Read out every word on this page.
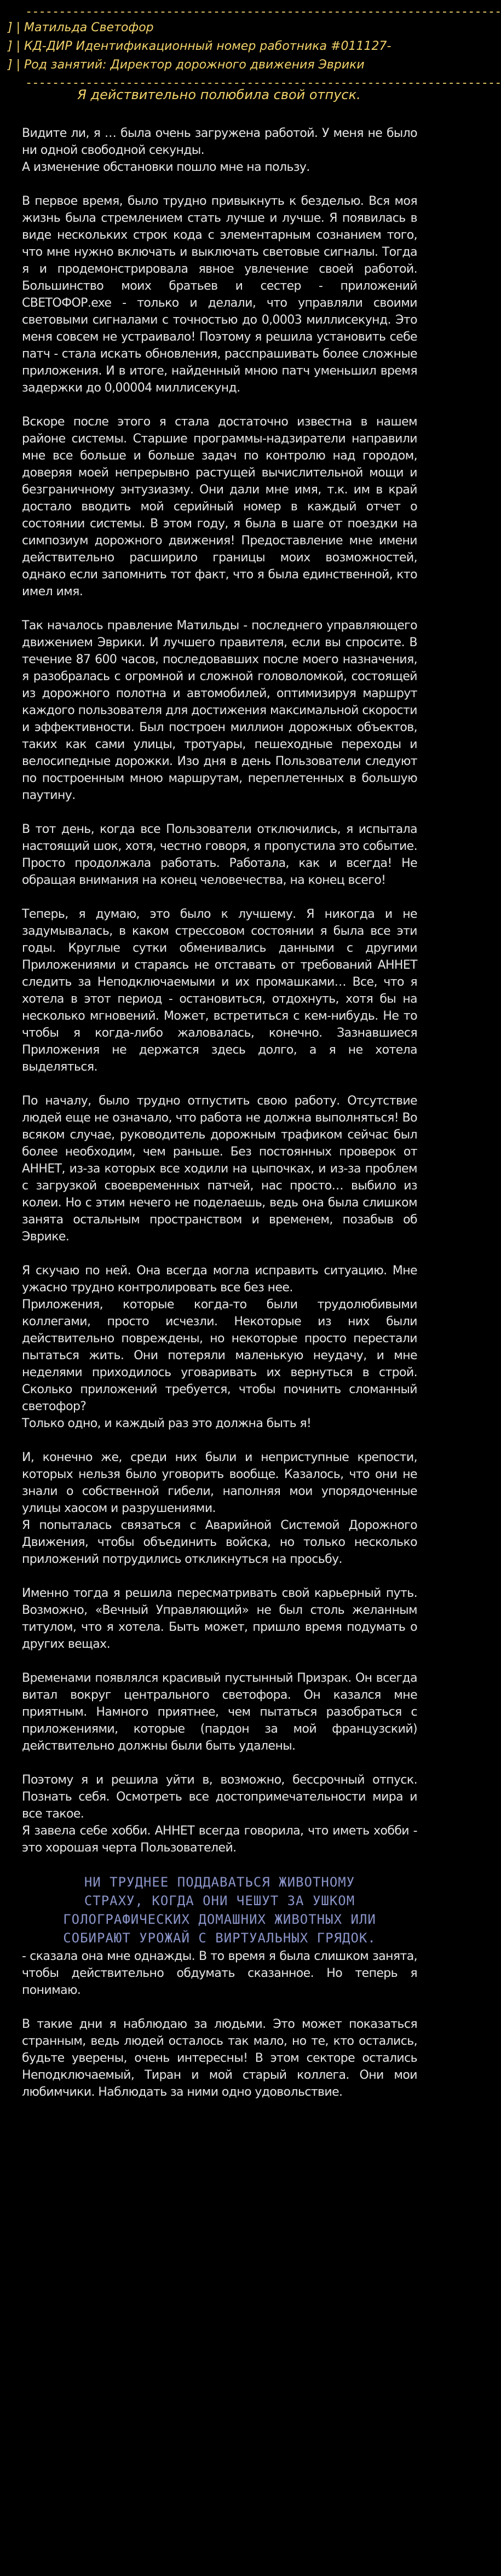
-----------------------------------------------------------------------
] | Матильда Светофор
] | КД-ДИР Идентификационный номер работника #011127-
] | Род занятий: Директор дорожного движения Эврики
-----------------------------------------------------------------------
Я действительно полюбила свой отпуск.

Видите ли, я … была очень загружена работой. У меня не было ни одной свободной секунды.
А изменение обстановки пошло мне на пользу.

В первое время, было трудно привыкнуть к безделью. Вся моя жизнь была стремлением стать лучше и лучше. Я появилась в виде нескольких строк кода с элементарным сознанием того, что мне нужно включать и выключать световые сигналы. Тогда я и продемонстрировала явное увлечение своей работой. Большинство моих братьев и сестер - приложений СВЕТОФОР.exe - только и делали, что управляли своими световыми сигналами с точностью до 0,0003 миллисекунд. Это меня совсем не устраивало! Поэтому я решила установить себе патч - стала искать обновления, расспрашивать более сложные приложения. И в итоге, найденный мною патч уменьшил время задержки до 0,00004 миллисекунд.

Вскоре после этого я стала достаточно известна в нашем районе системы. Старшие программы-надзиратели направили мне все больше и больше задач по контролю над городом, доверяя моей непрерывно растущей вычислительной мощи и безграничному энтузиазму. Они дали мне имя, т.к. им в край достало вводить мой серийный номер в каждый отчет о состоянии системы. В этом году, я была в шаге от поездки на симпозиум дорожного движения! Предоставление мне имени действительно расширило границы моих возможностей, однако если запомнить тот факт, что я была единственной, кто имел имя.

Так началось правление Матильды - последнего управляющего движением Эврики. И лучшего правителя, если вы спросите. В течение 87 600 часов, последовавших после моего назначения, я разобралась с огромной и сложной головоломкой, состоящей из дорожного полотна и автомобилей, оптимизируя маршрут каждого пользователя для достижения максимальной скорости и эффективности. Был построен миллион дорожных объектов, таких как сами улицы, тротуары, пешеходные переходы и велосипедные дорожки. Изо дня в день Пользователи следуют по построенным мною маршрутам, переплетенных в большую паутину.

В тот день, когда все Пользователи отключились, я испытала настоящий шок, хотя, честно говоря, я пропустила это событие. Просто продолжала работать. Работала, как и всегда! Не обращая внимания на конец человечества, на конец всего!

Теперь, я думаю, это было к лучшему. Я никогда и не задумывалась, в каком стрессовом состоянии я была все эти годы. Круглые сутки обменивались данными с другими Приложениями и стараясь не отставать от требований АННЕТ следить за Неподключаемыми и их промашками… Все, что я хотела в этот период - остановиться, отдохнуть, хотя бы на несколько мгновений. Может, встретиться с кем-нибудь. Не то чтобы я когда-либо жаловалась, конечно. Зазнавшиеся Приложения не держатся здесь долго, а я не хотела выделяться.

По началу, было трудно отпустить свою работу. Отсутствие людей еще не означало, что работа не должна выполняться! Во всяком случае, руководитель дорожным трафиком сейчас был более необходим, чем раньше. Без постоянных проверок от АННЕТ, из-за которых все ходили на цыпочках, и из-за проблем с загрузкой своевременных патчей, нас просто… выбило из колеи. Но с этим нечего не поделаешь, ведь она была слишком занята остальным пространством и временем, позабыв об Эврике.

Я скучаю по ней. Она всегда могла исправить ситуацию. Мне ужасно трудно контролировать все без нее.
Приложения, которые когда-то были трудолюбивыми коллегами, просто исчезли. Некоторые из них были действительно повреждены, но некоторые просто перестали пытаться жить. Они потеряли маленькую неудачу, и мне неделями приходилось уговаривать их вернуться в строй. Сколько приложений требуется, чтобы починить сломанный светофор?
Только одно, и каждый раз это должна быть я!

И, конечно же, среди них были и неприступные крепости, которых нельзя было уговорить вообще. Казалось, что они не знали о собственной гибели, наполняя мои упорядоченные улицы хаосом и разрушениями.
Я попыталась связаться с Аварийной Системой Дорожного Движения, чтобы объединить войска, но только несколько приложений потрудились откликнуться на просьбу.

Именно тогда я решила пересматривать свой карьерный путь. Возможно, «Вечный Управляющий» не был столь желанным титулом, что я хотела. Быть может, пришло время подумать о других вещах.

Временами появлялся красивый пустынный Призрак. Он всегда витал вокруг центрального светофора. Он казался мне приятным. Намного приятнее, чем пытаться разобраться с приложениями, которые (пардон за мой французский) действительно должны были быть удалены.

Поэтому я и решила уйти в, возможно, бессрочный отпуск. Познать себя. Осмотреть все достопримечательности мира и все такое.
Я завела себе хобби. АННЕТ всегда говорила, что иметь хобби - это хорошая черта Пользователей.

НИ ТРУДНЕЕ ПОДДАВАТЬСЯ ЖИВОТНОМУ
СТРАХУ, КОГДА ОНИ ЧЕШУТ ЗА УШКОМ
ГОЛОГРАФИЧЕСКИХ ДОМАШНИХ ЖИВОТНЫХ ИЛИ
СОБИРАЮТ УРОЖАЙ С ВИРТУАЛЬНЫХ ГРЯДОК.

- сказала она мне однажды. В то время я была слишком занята, чтобы действительно обдумать сказанное. Но теперь я понимаю.

В такие дни я наблюдаю за людьми. Это может показаться странным, ведь людей осталось так мало, но те, кто остались, будьте уверены, очень интересны! В этом секторе остались Неподключаемый, Тиран и мой старый коллега. Они мои любимчики. Наблюдать за ними одно удовольствие.
